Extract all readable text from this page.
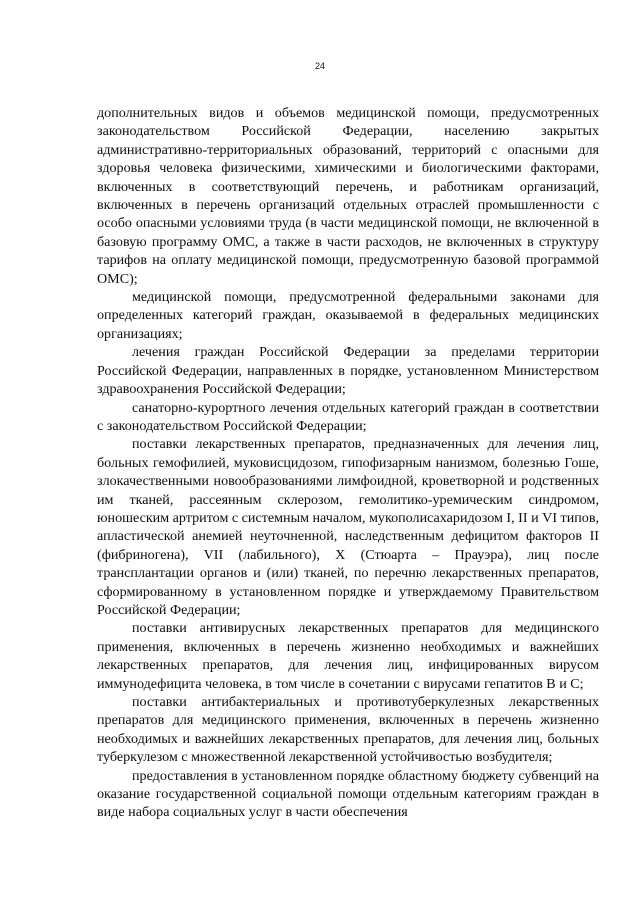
24

дополнительных видов и объемов медицинской помощи, предусмотренных законодательством Российской Федерации, населению закрытых административно-территориальных образований, территорий с опасными для здоровья человека физическими, химическими и биологическими факторами, включенных в соответствующий перечень, и работникам организаций, включенных в перечень организаций отдельных отраслей промышленности с особо опасными условиями труда (в части медицинской помощи, не включенной в базовую программу ОМС, а также в части расходов, не включенных в структуру тарифов на оплату медицинской помощи, предусмотренную базовой программой ОМС);

медицинской помощи, предусмотренной федеральными законами для определенных категорий граждан, оказываемой в федеральных медицинских организациях;

лечения граждан Российской Федерации за пределами территории Российской Федерации, направленных в порядке, установленном Министерством здравоохранения Российской Федерации;

санаторно-курортного лечения отдельных категорий граждан в соответствии с законодательством Российской Федерации;

поставки лекарственных препаратов, предназначенных для лечения лиц, больных гемофилией, муковисцидозом, гипофизарным нанизмом, болезнью Гоше, злокачественными новообразованиями лимфоидной, кроветворной и родственных им тканей, рассеянным склерозом, гемолитико-уремическим синдромом, юношеским артритом с системным началом, мукополисахаридозом I, II и VI типов, апластической анемией неуточненной, наследственным дефицитом факторов II (фибриногена), VII (лабильного), X (Стюарта – Прауэра), лиц после трансплантации органов и (или) тканей, по перечню лекарственных препаратов, сформированному в установленном порядке и утверждаемому Правительством Российской Федерации;

поставки антивирусных лекарственных препаратов для медицинского применения, включенных в перечень жизненно необходимых и важнейших лекарственных препаратов, для лечения лиц, инфицированных вирусом иммунодефицита человека, в том числе в сочетании с вирусами гепатитов B и C;

поставки антибактериальных и противотуберкулезных лекарственных препаратов для медицинского применения, включенных в перечень жизненно необходимых и важнейших лекарственных препаратов, для лечения лиц, больных туберкулезом с множественной лекарственной устойчивостью возбудителя;

предоставления в установленном порядке областному бюджету субвенций на оказание государственной социальной помощи отдельным категориям граждан в виде набора социальных услуг в части обеспечения
